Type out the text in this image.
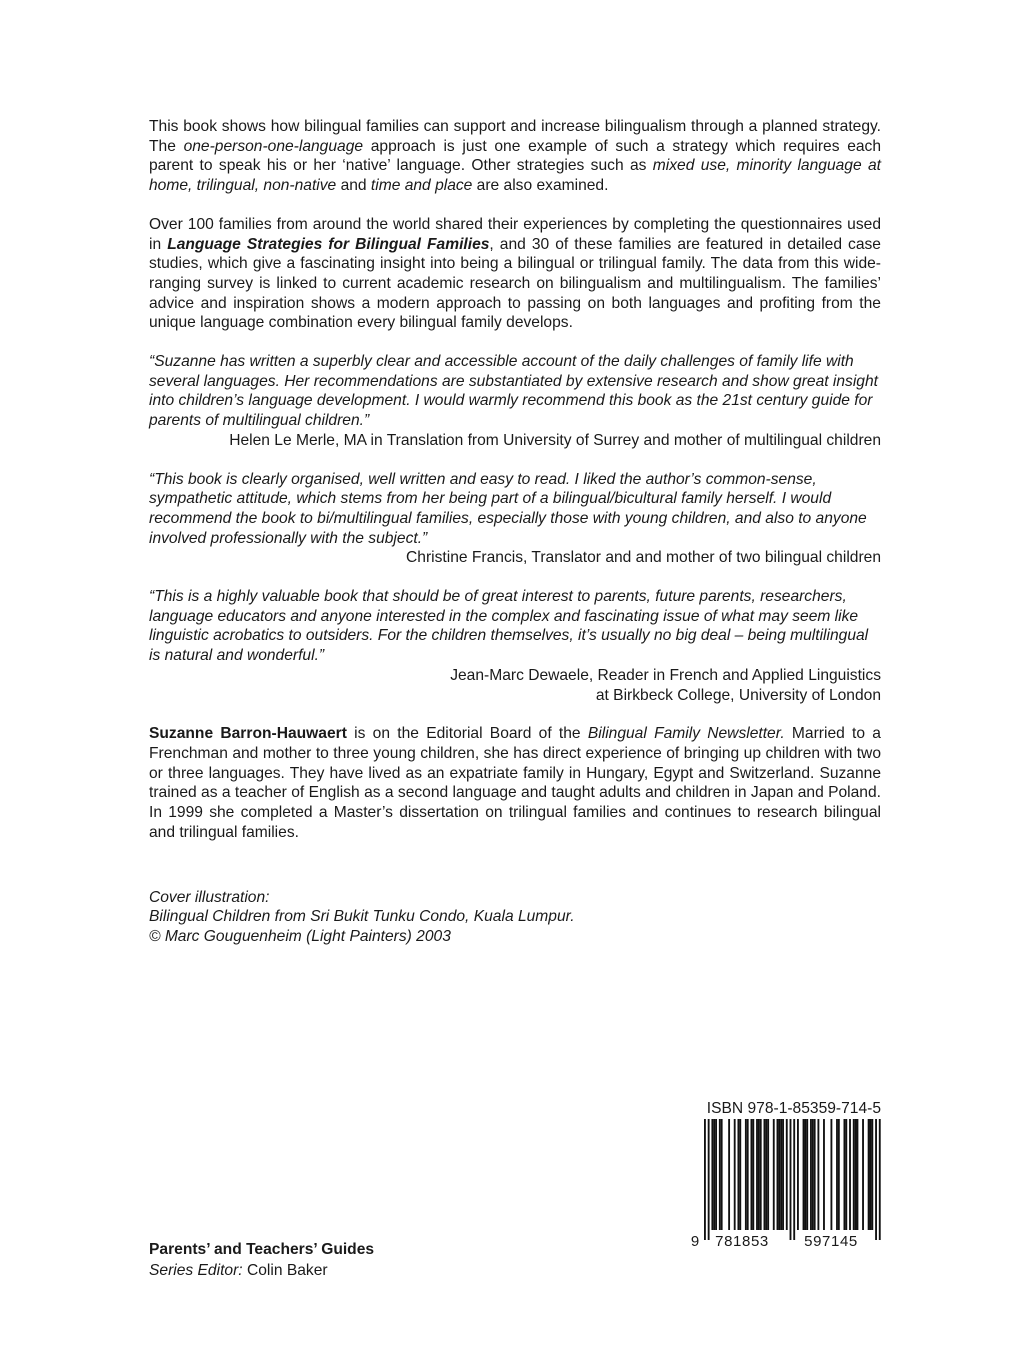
This book shows how bilingual families can support and increase bilingualism through a planned strategy. The one-person-one-language approach is just one example of such a strategy which requires each parent to speak his or her ‘native’ language. Other strategies such as mixed use, minority language at home, trilingual, non-native and time and place are also examined.

Over 100 families from around the world shared their experiences by completing the questionnaires used in Language Strategies for Bilingual Families, and 30 of these families are featured in detailed case studies, which give a fascinating insight into being a bilingual or trilingual family. The data from this wide-ranging survey is linked to current academic research on bilingualism and multilingualism. The families’ advice and inspiration shows a modern approach to passing on both languages and profiting from the unique language combination every bilingual family develops.

“Suzanne has written a superbly clear and accessible account of the daily challenges of family life with several languages. Her recommendations are substantiated by extensive research and show great insight into children’s language development. I would warmly recommend this book as the 21st century guide for parents of multilingual children.”

Helen Le Merle, MA in Translation from University of Surrey and mother of multilingual children

“This book is clearly organised, well written and easy to read. I liked the author’s common-sense, sympathetic attitude, which stems from her being part of a bilingual/bicultural family herself. I would recommend the book to bi/multilingual families, especially those with young children, and also to anyone involved professionally with the subject.”

Christine Francis, Translator and and mother of two bilingual children

“This is a highly valuable book that should be of great interest to parents, future parents, researchers, language educators and anyone interested in the complex and fascinating issue of what may seem like linguistic acrobatics to outsiders. For the children themselves, it’s usually no big deal – being multilingual is natural and wonderful.”

Jean-Marc Dewaele, Reader in French and Applied Linguistics

at Birkbeck College, University of London

Suzanne Barron-Hauwaert is on the Editorial Board of the Bilingual Family Newsletter. Married to a Frenchman and mother to three young children, she has direct experience of bringing up children with two or three languages. They have lived as an expatriate family in Hungary, Egypt and Switzerland. Suzanne trained as a teacher of English as a second language and taught adults and children in Japan and Poland. In 1999 she completed a Master’s dissertation on trilingual families and continues to research bilingual and trilingual families.

Cover illustration:

Bilingual Children from Sri Bukit Tunku Condo, Kuala Lumpur.

© Marc Gouguenheim (Light Painters) 2003

ISBN 978-1-85359-714-5
9 781853 597145

Parents’ and Teachers’ Guides

Series Editor: Colin Baker
